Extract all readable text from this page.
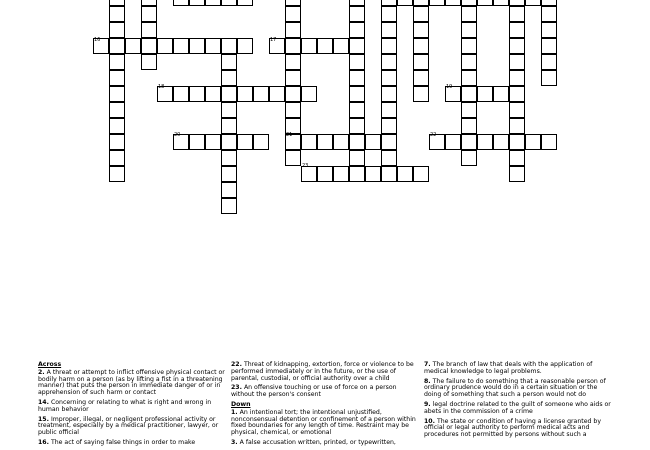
16	17
18	19
20	21	22
23
Across
2. A threat or attempt to inflict offensive physical contact or bodily harm on a person (as by lifting a fist in a threatening manner) that puts the person in immediate danger of or in apprehension of such harm or contact
14. Concerning or relating to what is right and wrong in human behavior
15. Improper, illegal, or negligent professional activity or treatment, especially by a medical practitioner, lawyer, or public official
16. The act of saying false things in order to make
22. Threat of kidnapping, extortion, force or violence to be performed immediately or in the future, or the use of parental, custodial, or official authority over a child
23. An offensive touching or use of force on a person without the person's consent
Down
1. An intentional tort; the intentional unjustified, nonconsensual detention or confinement of a person within fixed boundaries for any length of time. Restraint may be physical, chemical, or emotional
3. A false accusation written, printed, or typewritten,
7. The branch of law that deals with the application of medical knowledge to legal problems.
8. The failure to do something that a reasonable person of ordinary prudence would do in a certain situation or the doing of something that such a person would not do
9. legal doctrine related to the guilt of someone who aids or abets in the commission of a crime
10. The state or condition of having a license granted by official or legal authority to perform medical acts and procedures not permitted by persons without such a
